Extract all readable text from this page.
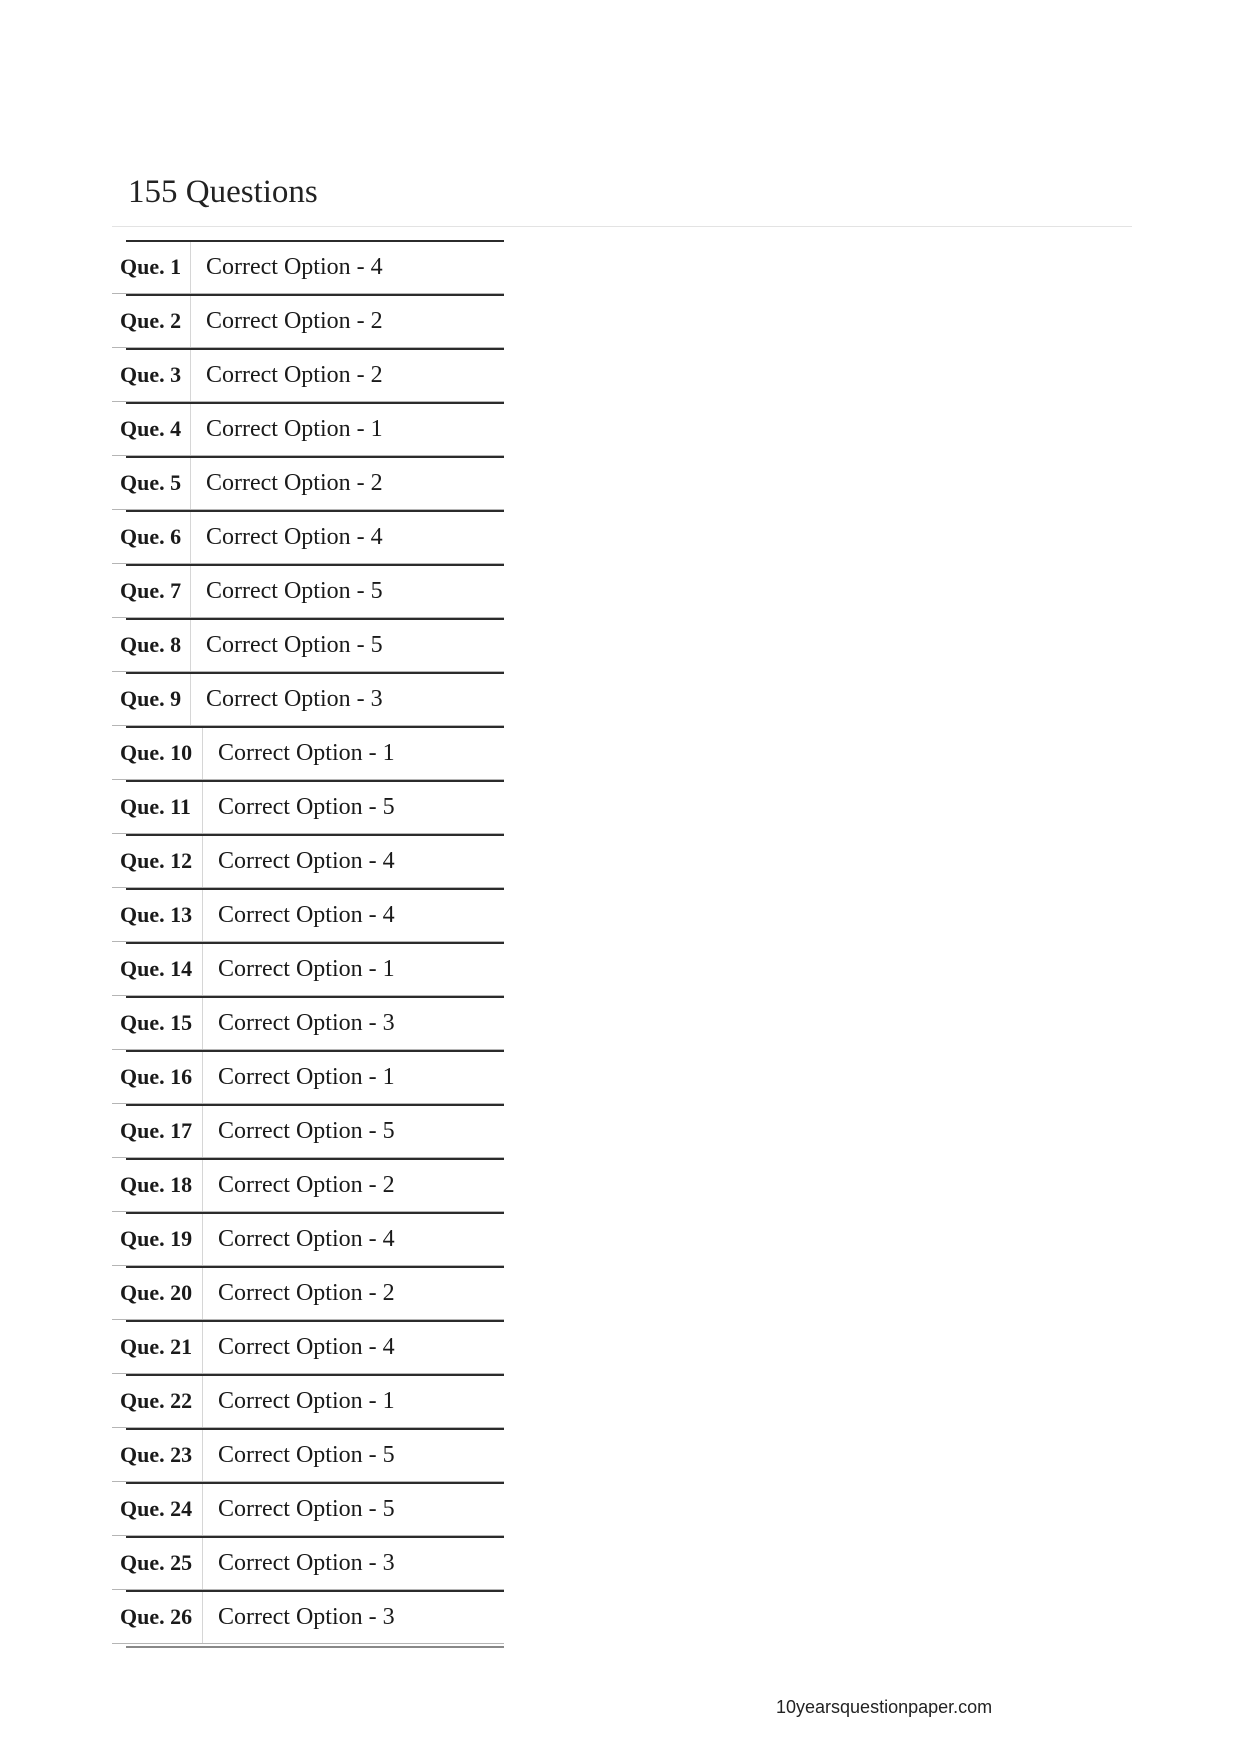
155 Questions
Que. 1	Correct Option - 4
Que. 2	Correct Option - 2
Que. 3	Correct Option - 2
Que. 4	Correct Option - 1
Que. 5	Correct Option - 2
Que. 6	Correct Option - 4
Que. 7	Correct Option - 5
Que. 8	Correct Option - 5
Que. 9	Correct Option - 3
Que. 10	Correct Option - 1
Que. 11	Correct Option - 5
Que. 12	Correct Option - 4
Que. 13	Correct Option - 4
Que. 14	Correct Option - 1
Que. 15	Correct Option - 3
Que. 16	Correct Option - 1
Que. 17	Correct Option - 5
Que. 18	Correct Option - 2
Que. 19	Correct Option - 4
Que. 20	Correct Option - 2
Que. 21	Correct Option - 4
Que. 22	Correct Option - 1
Que. 23	Correct Option - 5
Que. 24	Correct Option - 5
Que. 25	Correct Option - 3
Que. 26	Correct Option - 3
10yearsquestionpaper.com
